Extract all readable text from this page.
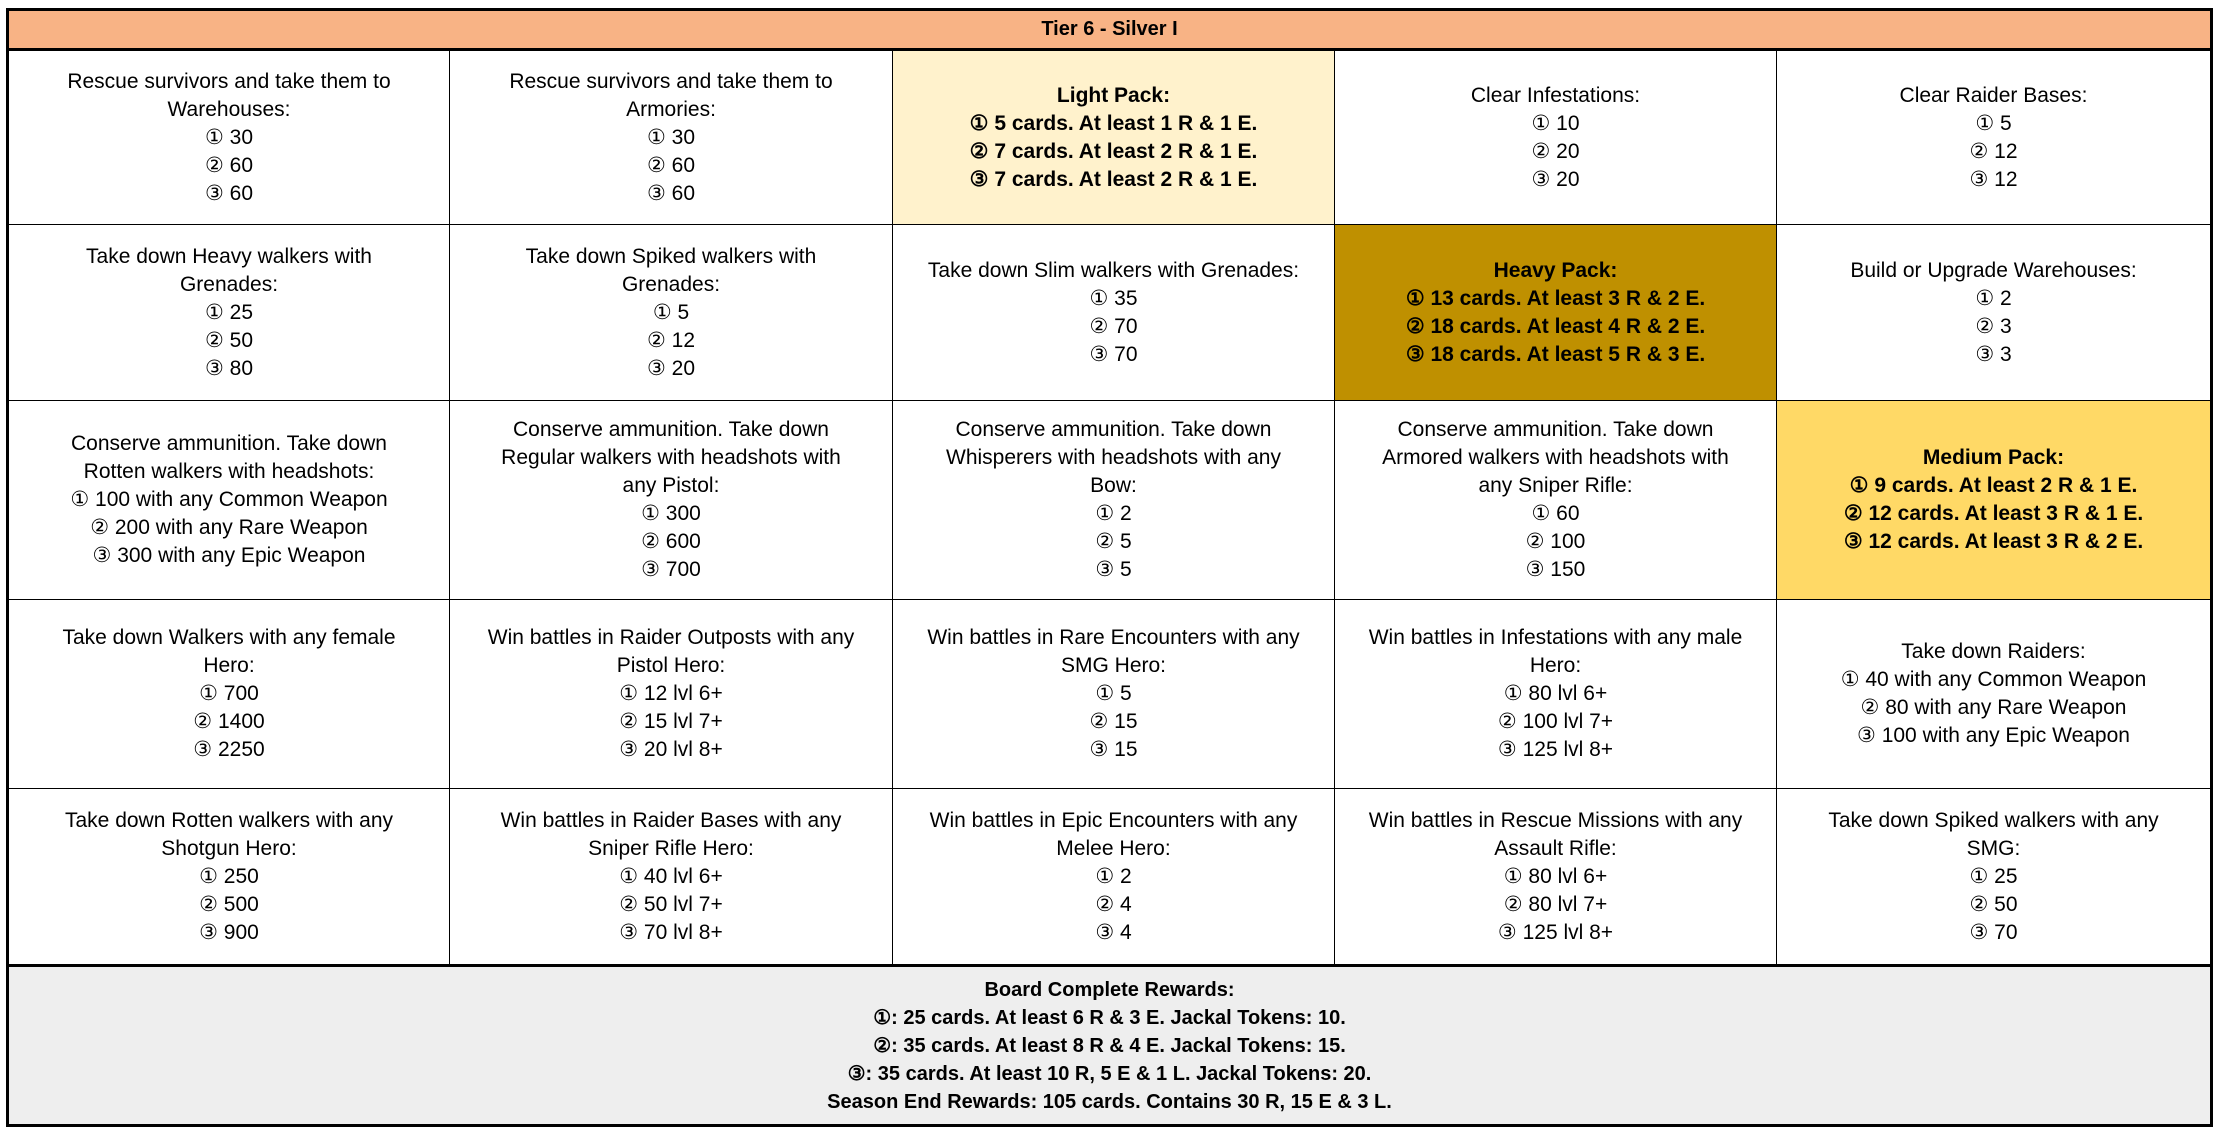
Tier 6 - Silver I
Rescue survivors and take them to
Warehouses:
① 30
② 60
③ 60
Rescue survivors and take them to
Armories:
① 30
② 60
③ 60
Light Pack:
① 5 cards. At least 1 R & 1 E.
② 7 cards. At least 2 R & 1 E.
③ 7 cards. At least 2 R & 1 E.
Clear Infestations:
① 10
② 20
③ 20
Clear Raider Bases:
① 5
② 12
③ 12
Take down Heavy walkers with
Grenades:
① 25
② 50
③ 80
Take down Spiked walkers with
Grenades:
① 5
② 12
③ 20
Take down Slim walkers with Grenades:
① 35
② 70
③ 70
Heavy Pack:
① 13 cards. At least 3 R & 2 E.
② 18 cards. At least 4 R & 2 E.
③ 18 cards. At least 5 R & 3 E.
Build or Upgrade Warehouses:
① 2
② 3
③ 3
Conserve ammunition. Take down
Rotten walkers with headshots:
① 100 with any Common Weapon
② 200 with any Rare Weapon
③ 300 with any Epic Weapon
Conserve ammunition. Take down
Regular walkers with headshots with
any Pistol:
① 300
② 600
③ 700
Conserve ammunition. Take down
Whisperers with headshots with any
Bow:
① 2
② 5
③ 5
Conserve ammunition. Take down
Armored walkers with headshots with
any Sniper Rifle:
① 60
② 100
③ 150
Medium Pack:
① 9 cards. At least 2 R & 1 E.
② 12 cards. At least 3 R & 1 E.
③ 12 cards. At least 3 R & 2 E.
Take down Walkers with any female
Hero:
① 700
② 1400
③ 2250
Win battles in Raider Outposts with any
Pistol Hero:
① 12 lvl 6+
② 15 lvl 7+
③ 20 lvl 8+
Win battles in Rare Encounters with any
SMG Hero:
① 5
② 15
③ 15
Win battles in Infestations with any male
Hero:
① 80 lvl 6+
② 100 lvl 7+
③ 125 lvl 8+
Take down Raiders:
① 40 with any Common Weapon
② 80 with any Rare Weapon
③ 100 with any Epic Weapon
Take down Rotten walkers with any
Shotgun Hero:
① 250
② 500
③ 900
Win battles in Raider Bases with any
Sniper Rifle Hero:
① 40 lvl 6+
② 50 lvl 7+
③ 70 lvl 8+
Win battles in Epic Encounters with any
Melee Hero:
① 2
② 4
③ 4
Win battles in Rescue Missions with any
Assault Rifle:
① 80 lvl 6+
② 80 lvl 7+
③ 125 lvl 8+
Take down Spiked walkers with any
SMG:
① 25
② 50
③ 70
Board Complete Rewards:
①: 25 cards. At least 6 R & 3 E. Jackal Tokens: 10.
②: 35 cards. At least 8 R & 4 E. Jackal Tokens: 15.
③: 35 cards. At least 10 R, 5 E & 1 L. Jackal Tokens: 20.
Season End Rewards: 105 cards. Contains 30 R, 15 E & 3 L.
